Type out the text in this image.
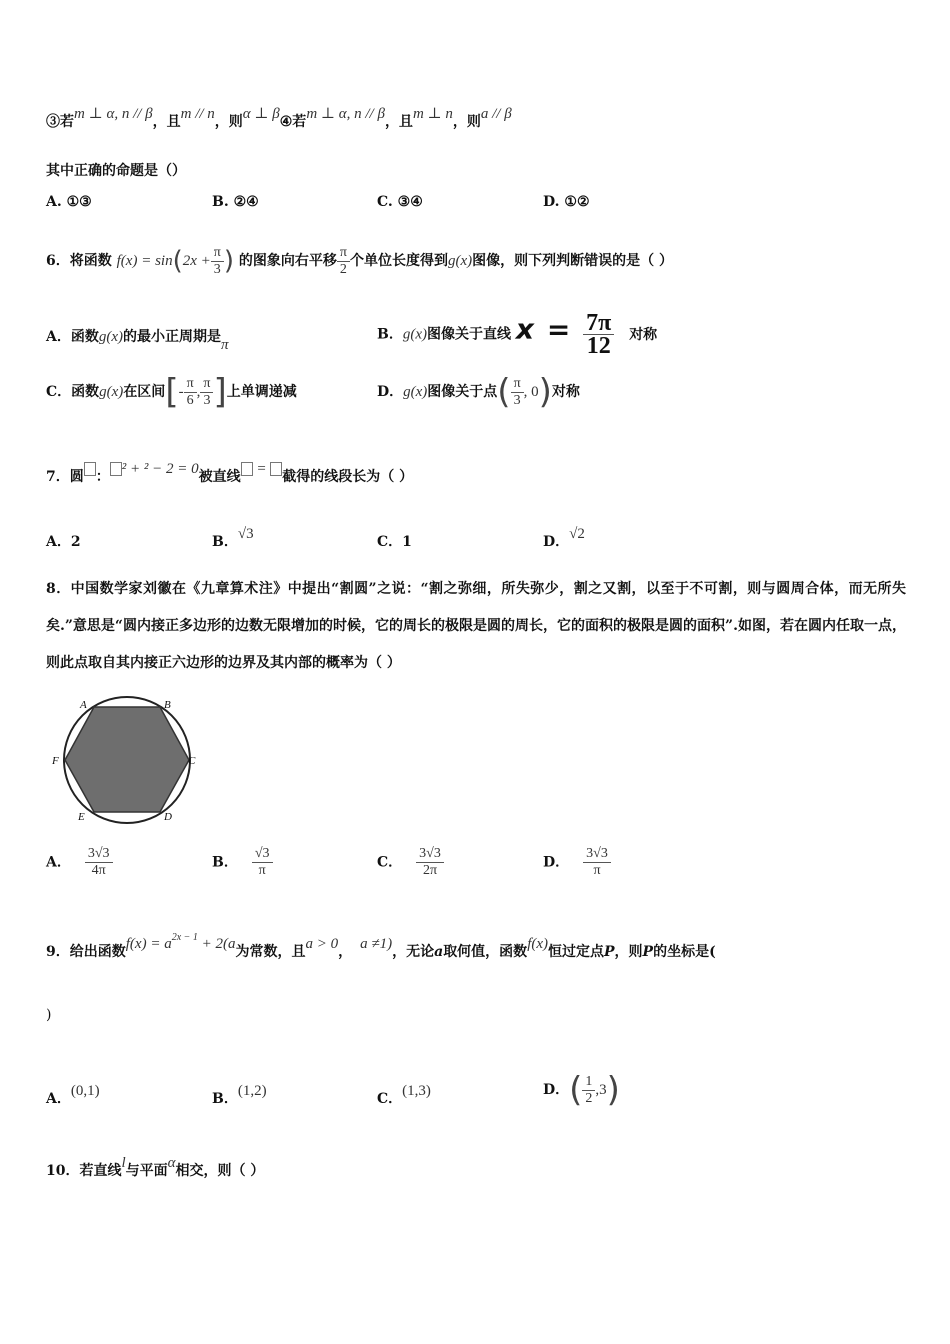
③若m ⊥ α, n // β，且m // n，则α ⊥ β④若m ⊥ α, n // β，且m ⊥ n，则a // β
其中正确的命题是（）
A. ①③	B. ②④	C. ③④	D. ①②
6．将函数 $f(x) = \sin(2x + \frac{\pi}{3}$ ) 的图象向右平移 $\frac{\pi}{2}$ 个单位长度得到g(x)图像，则下列判断错误的是（ ）
A．函数g(x)的最小正周期是π
B．g(x)图像关于直线 $x = \frac{7\pi}{12}$ 对称
C．函数g(x)在区间[- $\frac{\pi}{6}$ , $\frac{\pi}{3}$ ]上单调递减	D．g(x)图像关于点( $\frac{\pi}{3}$ , 0)对称
7．圆 ： ² + ² − 2 = 0被直线 = 截得的线段长为（ ）
A．2	B．√3	C．1	D．√2
8．中国数学家刘徽在《九章算术注》中提出“割圆”之说：“割之弥细，所失弥少，割之又割，以至于不可割，则与圆周合体，而无所失矣.”意思是“圆内接正多边形的边数无限增加的时候，它的周长的极限是圆的周长，它的面积的极限是圆的面积”.如图，若在圆内任取一点，则此点取自其内接正六边形的边界及其内部的概率为（ ）
A	B
C
D
E
F
A． $\frac{3√3}{4\pi}$	B． $\frac{√3}{\pi}$	C． $\frac{3√3}{2\pi}$	D． $\frac{3√3}{\pi}$
9．给出函数$f(x) = a^{2x - 1} + 2(a$为常数，且a > 0， a ≠1)，无论a取何值，函数f(x)恒过定点P，则P的坐标是(
)
A．(0,1)	B．(1,2)	C．(1,3)	D．( $\frac{1}{2} ,3$)
10．若直线l与平面α相交，则（ ）
